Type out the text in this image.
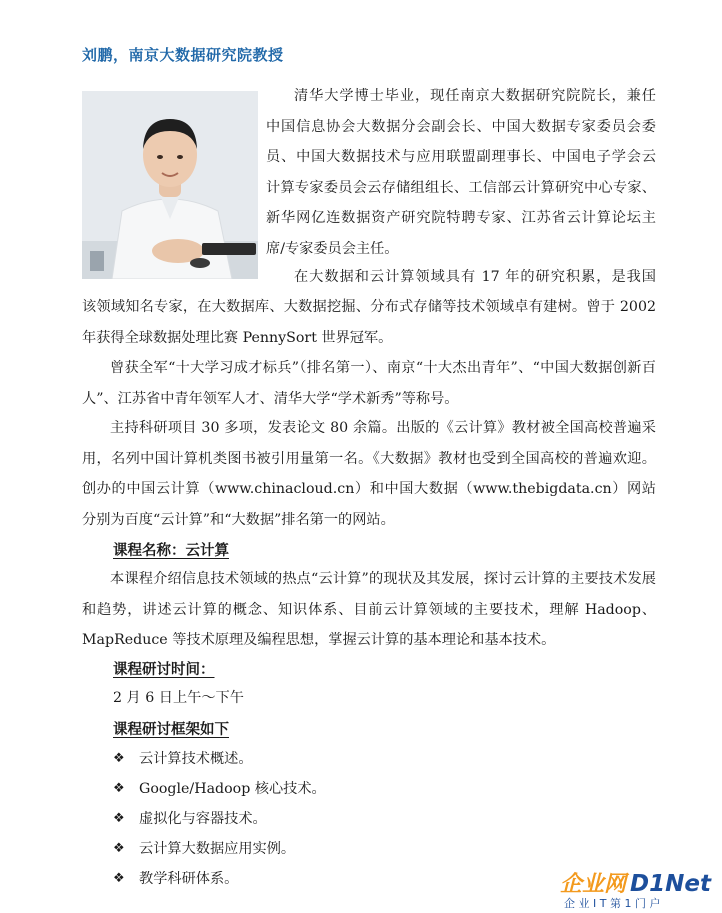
刘鹏，南京大数据研究院教授
清华大学博士毕业，现任南京大数据研究院院长，兼任
中国信息协会大数据分会副会长、中国大数据专家委员会委
员、中国大数据技术与应用联盟副理事长、中国电子学会云
计算专家委员会云存储组组长、工信部云计算研究中心专家、
新华网亿连数据资产研究院特聘专家、江苏省云计算论坛主
席/专家委员会主任。
在大数据和云计算领域具有 17 年的研究积累，是我国
该领域知名专家，在大数据库、大数据挖掘、分布式存储等技术领域卓有建树。曾于 2002 年获得全球数据处理比赛 PennySort 世界冠军。
曾获全军“十大学习成才标兵”（排名第一）、南京“十大杰出青年”、“中国大数据创新百人”、江苏省中青年领军人才、清华大学“学术新秀”等称号。
主持科研项目 30 多项，发表论文 80 余篇。出版的《云计算》教材被全国高校普遍采用，名列中国计算机类图书被引用量第一名。《大数据》教材也受到全国高校的普遍欢迎。创办的中国云计算（www.chinacloud.cn）和中国大数据（www.thebigdata.cn）网站分别为百度“云计算”和“大数据”排名第一的网站。
课程名称：云计算
本课程介绍信息技术领域的热点“云计算”的现状及其发展，探讨云计算的主要技术发展和趋势，讲述云计算的概念、知识体系、目前云计算领域的主要技术，理解 Hadoop、MapReduce 等技术原理及编程思想，掌握云计算的基本理论和基本技术。
课程研讨时间：
2 月 6 日上午～下午
课程研讨框架如下
❖ 云计算技术概述。
❖ Google/Hadoop 核心技术。
❖ 虚拟化与容器技术。
❖ 云计算大数据应用实例。
❖ 教学科研体系。	企业网 D1Net
企 业 I T 第 1 门 户
